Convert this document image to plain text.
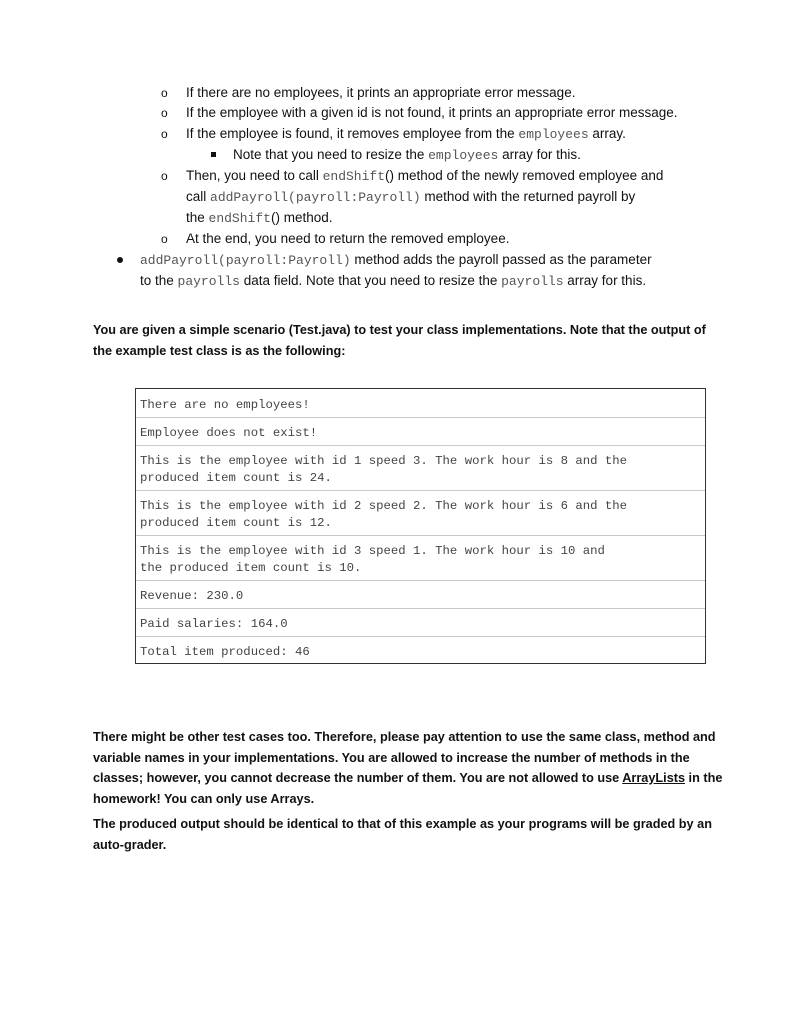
o If there are no employees, it prints an appropriate error message.
o If the employee with a given id is not found, it prints an appropriate error message.
o If the employee is found, it removes employee from the employees array.
Note that you need to resize the employees array for this.
o Then, you need to call endShift() method of the newly removed employee and
call addPayroll(payroll:Payroll) method with the returned payroll by
the endShift() method.
o At the end, you need to return the removed employee.
addPayroll(payroll:Payroll) method adds the payroll passed as the parameter
to the payrolls data field. Note that you need to resize the payrolls array for this.
You are given a simple scenario (Test.java) to test your class implementations. Note that the output of
the example test class is as the following:
There are no employees!
Employee does not exist!
This is the employee with id 1 speed 3. The work hour is 8 and the
produced item count is 24.
This is the employee with id 2 speed 2. The work hour is 6 and the
produced item count is 12.
This is the employee with id 3 speed 1. The work hour is 10 and
the produced item count is 10.
Revenue: 230.0
Paid salaries: 164.0
Total item produced: 46
There might be other test cases too. Therefore, please pay attention to use the same class, method and
variable names in your implementations. You are allowed to increase the number of methods in the
classes; however, you cannot decrease the number of them. You are not allowed to use ArrayLists in the
homework! You can only use Arrays.
The produced output should be identical to that of this example as your programs will be graded by an
auto-grader.
